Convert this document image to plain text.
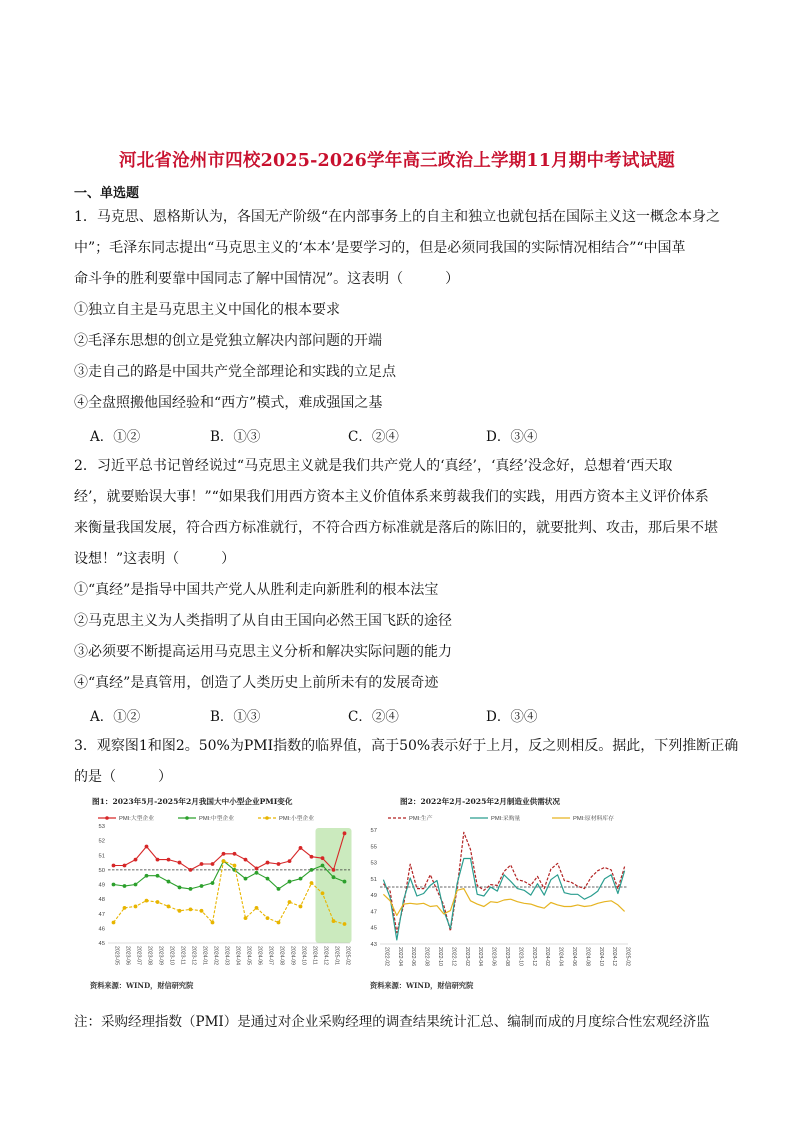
河北省沧州市四校2025-2026学年高三政治上学期11月期中考试试题
一、单选题
1．马克思、恩格斯认为，各国无产阶级“在内部事务上的自主和独立也就包括在国际主义这一概念本身之
中”；毛泽东同志提出“马克思主义的‘本本’是要学习的，但是必须同我国的实际情况相结合”“中国革
命斗争的胜利要靠中国同志了解中国情况”。这表明（　　　）
①独立自主是马克思主义中国化的根本要求
②毛泽东思想的创立是党独立解决内部问题的开端
③走自己的路是中国共产党全部理论和实践的立足点
④全盘照搬他国经验和“西方”模式，难成强国之基
A．①②	B．①③	C．②④	D．③④
2．习近平总书记曾经说过“马克思主义就是我们共产党人的‘真经’，‘真经’没念好，总想着‘西天取
经’，就要贻误大事！”“如果我们用西方资本主义价值体系来剪裁我们的实践，用西方资本主义评价体系
来衡量我国发展，符合西方标准就行，不符合西方标准就是落后的陈旧的，就要批判、攻击，那后果不堪
设想！”这表明（　　　）
①“真经”是指导中国共产党人从胜利走向新胜利的根本法宝
②马克思主义为人类指明了从自由王国向必然王国飞跃的途径
③必须要不断提高运用马克思主义分析和解决实际问题的能力
④“真经”是真管用，创造了人类历史上前所未有的发展奇迹
A．①②	B．①③	C．②④	D．③④
3．观察图1和图2。50%为PMI指数的临界值，高于50%表示好于上月，反之则相反。据此，下列推断正确
的是（　　　）
图1：2023年5月-2025年2月我国大中小型企业PMI变化
PMI:大型企业	PMI:中型企业	PMI:小型企业
45
46
47
48
49
50
51
52
53
2023-05 2023-06 2023-07 2023-08 2023-09 2023-10 2023-11 2023-12 2024-01 2024-02 2024-03 2024-04 2024-05 2024-06 2024-07 2024-08 2024-09 2024-10 2024-11 2024-12 2025-01 2025-02
资料来源：WIND，财信研究院
图2：2022年2月-2025年2月制造业供需状况
PMI:生产	PMI:采购量	PMI:原材料库存
43
45
47
49
51
53
55
57
2022-02 2022-04 2022-06 2022-08 2022-10 2022-12 2023-02 2023-04 2023-06 2023-08 2023-10 2023-12 2024-02 2024-04 2024-06 2024-08 2024-10 2024-12 2025-02
资料来源：WIND，财信研究院
注：采购经理指数（PMI）是通过对企业采购经理的调查结果统计汇总、编制而成的月度综合性宏观经济监
